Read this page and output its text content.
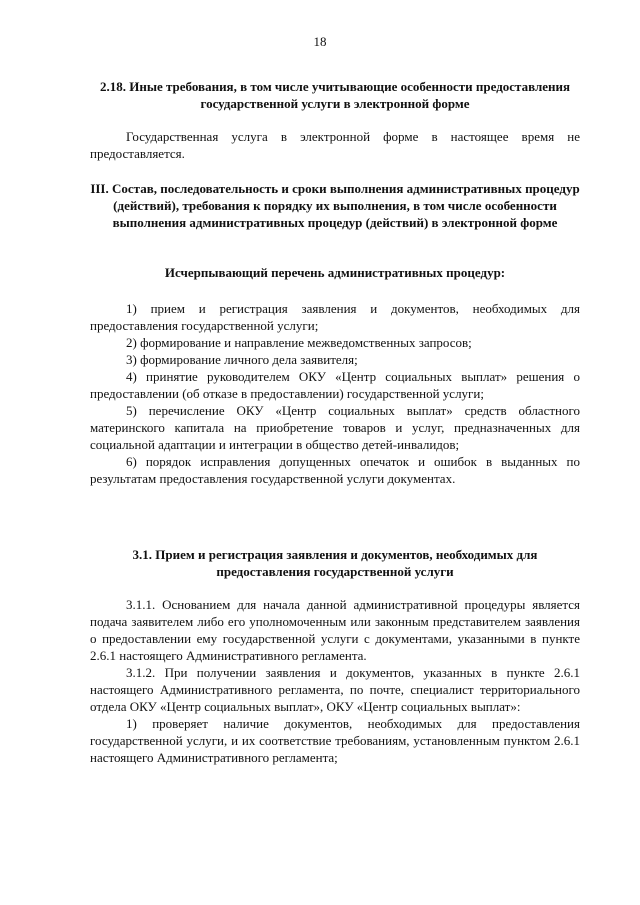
18

2.18. Иные требования, в том числе учитывающие особенности предоставления государственной услуги в электронной форме

Государственная услуга в электронной форме в настоящее время не предоставляется.

III. Состав, последовательность и сроки выполнения административных процедур (действий), требования к порядку их выполнения, в том числе особенности выполнения административных процедур (действий) в электронной форме

Исчерпывающий перечень административных процедур:

1) прием и регистрация заявления и документов, необходимых для предоставления государственной услуги;

2) формирование и направление межведомственных запросов;

3) формирование личного дела заявителя;

4) принятие руководителем ОКУ «Центр социальных выплат» решения о предоставлении (об отказе в предоставлении) государственной услуги;

5) перечисление ОКУ «Центр социальных выплат» средств областного материнского капитала на приобретение товаров и услуг, предназначенных для социальной адаптации и интеграции в общество детей-инвалидов;

6) порядок исправления допущенных опечаток и ошибок в выданных по результатам предоставления государственной услуги документах.

3.1. Прием и регистрация заявления и документов, необходимых для предоставления государственной услуги

3.1.1. Основанием для начала данной административной процедуры является подача заявителем либо его уполномоченным или законным представителем заявления о предоставлении ему государственной услуги с документами, указанными в пункте 2.6.1 настоящего Административного регламента.

3.1.2. При получении заявления и документов, указанных в пункте 2.6.1 настоящего Административного регламента, по почте, специалист территориального отдела ОКУ «Центр социальных выплат», ОКУ «Центр социальных выплат»:

1) проверяет наличие документов, необходимых для предоставления государственной услуги, и их соответствие требованиям, установленным пунктом 2.6.1 настоящего Административного регламента;
